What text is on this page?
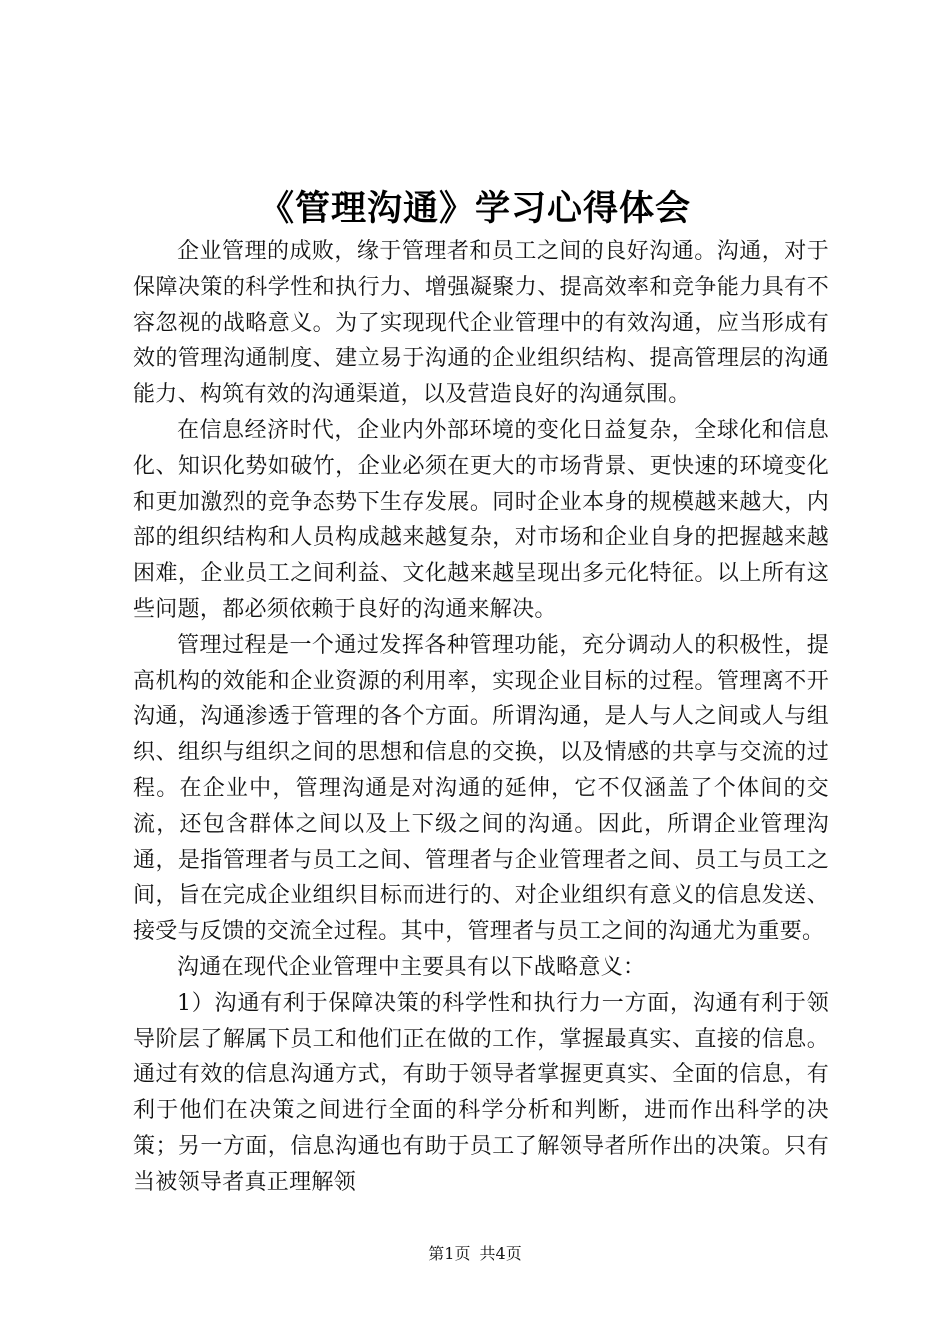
《管理沟通》学习心得体会

企业管理的成败，缘于管理者和员工之间的良好沟通。沟通，对于保障决策的科学性和执行力、增强凝聚力、提高效率和竞争能力具有不容忽视的战略意义。为了实现现代企业管理中的有效沟通，应当形成有效的管理沟通制度、建立易于沟通的企业组织结构、提高管理层的沟通能力、构筑有效的沟通渠道，以及营造良好的沟通氛围。

在信息经济时代，企业内外部环境的变化日益复杂，全球化和信息化、知识化势如破竹，企业必须在更大的市场背景、更快速的环境变化和更加激烈的竞争态势下生存发展。同时企业本身的规模越来越大，内部的组织结构和人员构成越来越复杂，对市场和企业自身的把握越来越困难，企业员工之间利益、文化越来越呈现出多元化特征。以上所有这些问题，都必须依赖于良好的沟通来解决。

管理过程是一个通过发挥各种管理功能，充分调动人的积极性，提高机构的效能和企业资源的利用率，实现企业目标的过程。管理离不开沟通，沟通渗透于管理的各个方面。所谓沟通，是人与人之间或人与组织、组织与组织之间的思想和信息的交换，以及情感的共享与交流的过程。在企业中，管理沟通是对沟通的延伸，它不仅涵盖了个体间的交流，还包含群体之间以及上下级之间的沟通。因此，所谓企业管理沟通，是指管理者与员工之间、管理者与企业管理者之间、员工与员工之间，旨在完成企业组织目标而进行的、对企业组织有意义的信息发送、接受与反馈的交流全过程。其中，管理者与员工之间的沟通尤为重要。

沟通在现代企业管理中主要具有以下战略意义：

1）沟通有利于保障决策的科学性和执行力一方面，沟通有利于领导阶层了解属下员工和他们正在做的工作，掌握最真实、直接的信息。通过有效的信息沟通方式，有助于领导者掌握更真实、全面的信息，有利于他们在决策之间进行全面的科学分析和判断，进而作出科学的决策；另一方面，信息沟通也有助于员工了解领导者所作出的决策。只有当被领导者真正理解领

第1页 共4页
